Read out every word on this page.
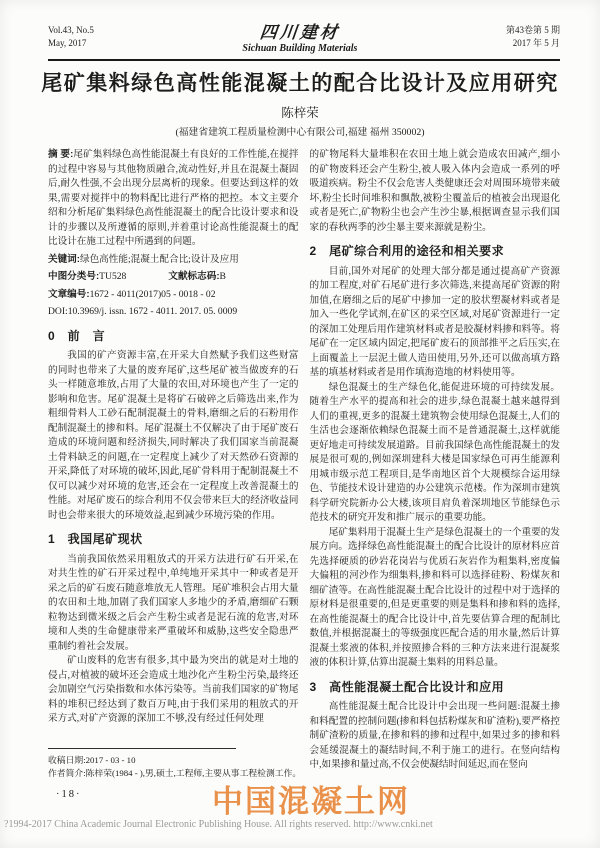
Vol.43, No.5
May, 2017
四川建材
Sichuan Building Materials
第43卷第 5 期
2017 年 5 月
尾矿集料绿色高性能混凝土的配合比设计及应用研究
陈梓荣
(福建省建筑工程质量检测中心有限公司,福建 福州 350002)
摘 要:尾矿集料绿色高性能混凝土有良好的工作性能,在搅拌的过程中容易与其他物质融合,流动性好,并且在混凝土凝固后,耐久性强,不会出现分层离析的现象。但要达到这样的效果,需要对搅拌中的物料配比进行严格的把控。本文主要介绍和分析尾矿集料绿色高性能混凝土的配合比设计要求和设计的步骤以及所遵循的原则,并着重讨论高性能混凝土的配比设计在施工过程中所遇到的问题。
关键词:绿色高性能;混凝土配合比;设计及应用
中图分类号:TU528	文献标志码:B
文章编号:1672 - 4011(2017)05 - 0018 - 02
DOI:10.3969/j. issn. 1672 - 4011. 2017. 05. 0009
0　前　言

我国的矿产资源丰富,在开采大自然赋予我们这些财富的同时也带来了大量的废弃尾矿,这些尾矿被当做废弃的石头一样随意堆放,占用了大量的农田,对环境也产生了一定的影响和危害。尾矿混凝土是将矿石破碎之后筛选出来,作为粗细骨料人工砂石配制混凝土的骨料,磨细之后的石粉用作配制混凝土的掺和料。尾矿混凝土不仅解决了由于尾矿废石造成的环境问题和经济损失,同时解决了我们国家当前混凝土骨料缺乏的问题,在一定程度上减少了对天然砂石资源的开采,降低了对环境的破坏,因此,尾矿骨料用于配制混凝土不仅可以减少对环境的危害,还会在一定程度上改善混凝土的性能。对尾矿废石的综合利用不仅会带来巨大的经济收益同时也会带来很大的环境效益,起到减少环境污染的作用。

1　我国尾矿现状

当前我国依然采用粗放式的开采方法进行矿石开采,在对共生性的矿石开采过程中,单纯地开采其中一种或者是开采之后的矿石废石随意堆放无人管理。尾矿堆积会占用大量的农田和土地,加剧了我们国家人多地少的矛盾,磨细矿石颗粒物达到微米级之后会产生粉尘或者是泥石流的危害,对环境和人类的生命健康带来严重破坏和威胁,这些安全隐患严重制约着社会发展。

矿山废料的危害有很多,其中最为突出的就是对土地的侵占,对植被的破坏还会造成土地沙化产生粉尘污染,最终还会加剧空气污染指数和水体污染等。当前我们国家的矿物尾料的堆积已经达到了数百万吨,由于我们采用的粗放式的开采方式,对矿产资源的深加工不够,没有经过任何处理

的矿物尾料大量堆积在农田土地上就会造成农田减产,细小的矿物废料还会产生粉尘,被人吸入体内会造成一系列的呼吸道疾病。粉尘不仅会危害人类健康还会对周围环境带来破坏,粉尘长时间堆积和飘散,被粉尘覆盖后的植被会出现退化或者是死亡,矿物粉尘也会产生沙尘暴,根据调查显示我们国家的春秋两季的沙尘暴主要来源就是粉尘。

2　尾矿综合利用的途径和相关要求

目前,国外对尾矿的处理大部分都是通过提高矿产资源的加工程度,对矿石尾矿进行多次筛选,来提高尾矿资源的附加值,在磨细之后的尾矿中掺加一定的胶状塑凝材料或者是加入一些化学试剂,在矿区的采空区域,对尾矿资源进行一定的深加工处理后用作建筑材料或者是胶凝材料掺和料等。将尾矿在一定区域内固定,把尾矿废石的顶部推平之后压实,在上面覆盖上一层泥土做人造田使用,另外,还可以做高填方路基的填基材料或者是用作填海造地的材料使用等。

绿色混凝土的生产绿色化,能促进环境的可持续发展。随着生产水平的提高和社会的进步,绿色混凝土越来越得到人们的重视,更多的混凝土建筑物会使用绿色混凝土,人们的生活也会逐渐依赖绿色混凝土而不是普通混凝土,这样就能更好地走可持续发展道路。目前我国绿色高性能混凝土的发展是很可观的,例如深圳建科大楼是国家绿色可再生能源利用城市级示范工程项目,是华南地区首个大规模综合运用绿色、节能技术设计建造的办公建筑示范楼。作为深圳市建筑科学研究院新办公大楼,该项目肩负着深圳地区节能绿色示范技术的研究开发和推广展示的重要功能。

尾矿集料用于混凝土生产是绿色混凝土的一个重要的发展方向。选择绿色高性能混凝土的配合比设计的原材料应首先选择硬质的砂岩花岗岩与优质石灰岩作为粗集料,密度偏大偏粗的河沙作为细集料,掺和料可以选择硅粉、粉煤灰和细矿渣等。在高性能混凝土配合比设计的过程中对于选择的原材料是很重要的,但是更重要的则是集料和掺和料的选择,在高性能混凝土的配合比设计中,首先要估算合理的配制比数值,并根据混凝土的等级强度匹配合适的用水量,然后计算混凝土浆液的体积,并按照掺合料的三种方法来进行混凝浆液的体积计算,估算出混凝土集料的用料总量。

3　高性能混凝土配合比设计和应用

高性能混凝土配合比设计中会出现一些问题:混凝土掺和料配置的控制问题(掺和料包括粉煤灰和矿渣粉),要严格控制矿渣粉的质量,在掺和料的掺和过程中,如果过多的掺和料会延缓混凝土的凝结时间,不利于施工的进行。在竖向结构中,如果掺和量过高,不仅会使凝结时间延迟,而在竖向

收稿日期:2017 - 03 - 10
作者简介:陈梓荣(1984 - ),男,硕士,工程师,主要从事工程检测工作。
·18·	中国混凝土网
?1994-2017 China Academic Journal Electronic Publishing House. All rights reserved. http://www.cnki.net
